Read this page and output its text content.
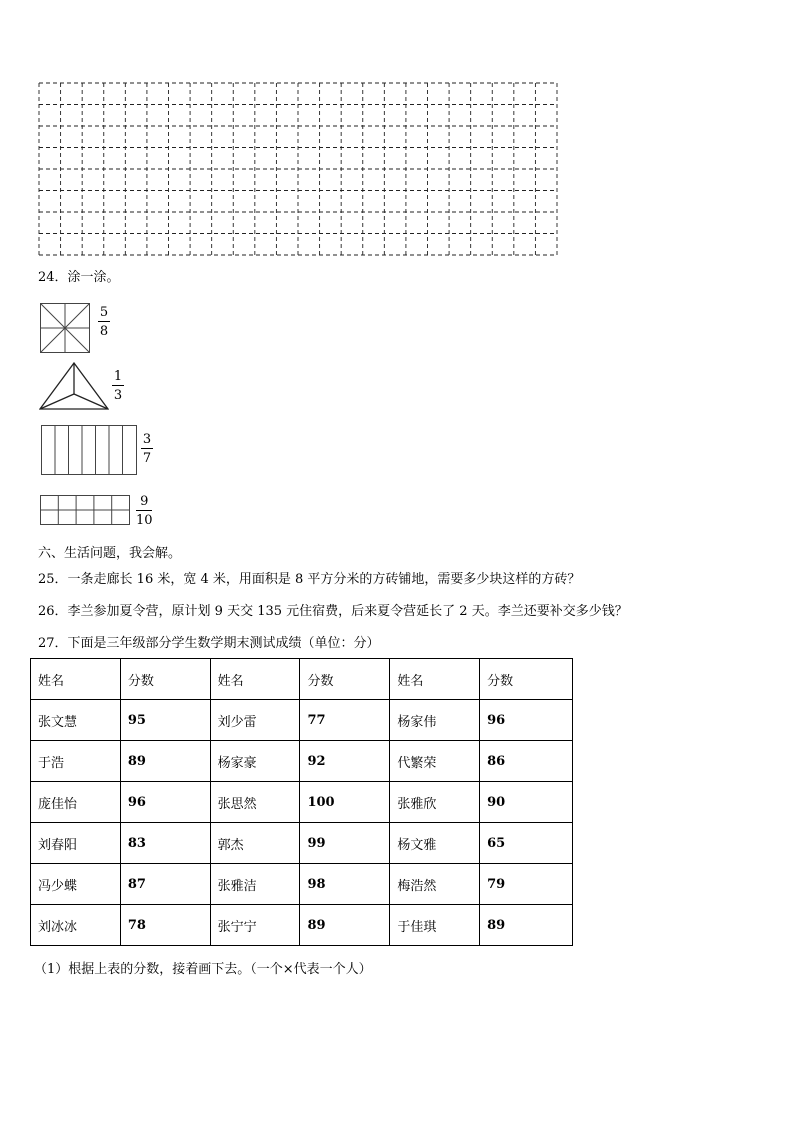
24．涂一涂。
5
8
1
3
3
7
9
10
六、生活问题，我会解。
25．一条走廊长 16 米，宽 4 米，用面积是 8 平方分米的方砖铺地，需要多少块这样的方砖？
26．李兰参加夏令营，原计划 9 天交 135 元住宿费，后来夏令营延长了 2 天。李兰还要补交多少钱？
27．下面是三年级部分学生数学期末测试成绩（单位：分）
姓名	分数	姓名	分数	姓名	分数
张文慧	95	刘少雷	77	杨家伟	96
于浩	89	杨家豪	92	代繁荣	86
庞佳怡	96	张思然	100	张雅欣	90
刘春阳	83	郭杰	99	杨文雅	65
冯少蝶	87	张雅洁	98	梅浩然	79
刘冰冰	78	张宁宁	89	于佳琪	89
（1）根据上表的分数，接着画下去。（一个×代表一个人）
